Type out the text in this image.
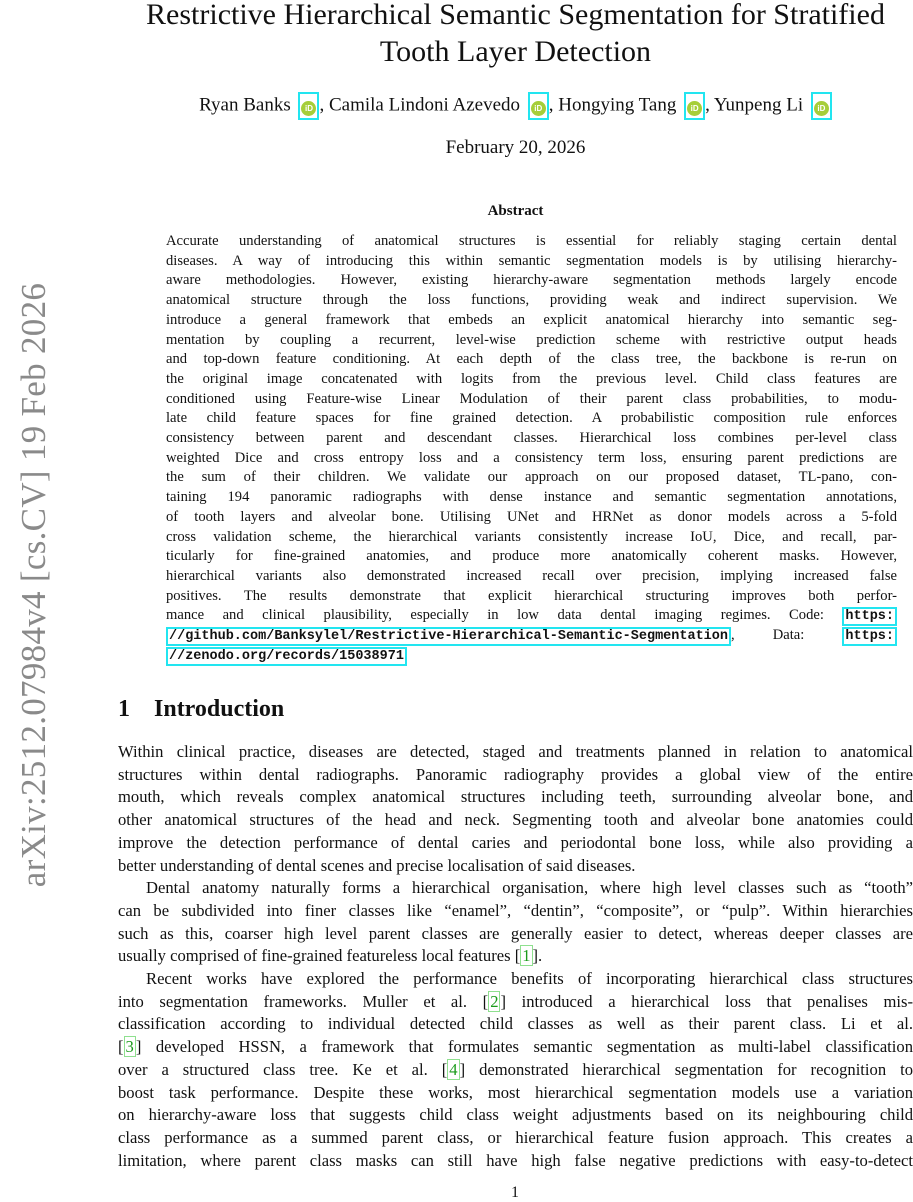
arXiv:2512.07984v4 [cs.CV] 19 Feb 2026
Restrictive Hierarchical Semantic Segmentation for Stratified
Tooth Layer Detection
Ryan Banks iD , Camila Lindoni Azevedo iD , Hongying Tang iD , Yunpeng Li iD
February 20, 2026
Abstract
Accurate understanding of anatomical structures is essential for reliably staging certain dental
diseases. A way of introducing this within semantic segmentation models is by utilising hierarchy-
aware methodologies. However, existing hierarchy-aware segmentation methods largely encode
anatomical structure through the loss functions, providing weak and indirect supervision. We
introduce a general framework that embeds an explicit anatomical hierarchy into semantic seg-
mentation by coupling a recurrent, level-wise prediction scheme with restrictive output heads
and top-down feature conditioning. At each depth of the class tree, the backbone is re-run on
the original image concatenated with logits from the previous level. Child class features are
conditioned using Feature-wise Linear Modulation of their parent class probabilities, to modu-
late child feature spaces for fine grained detection. A probabilistic composition rule enforces
consistency between parent and descendant classes. Hierarchical loss combines per-level class
weighted Dice and cross entropy loss and a consistency term loss, ensuring parent predictions are
the sum of their children. We validate our approach on our proposed dataset, TL-pano, con-
taining 194 panoramic radiographs with dense instance and semantic segmentation annotations,
of tooth layers and alveolar bone. Utilising UNet and HRNet as donor models across a 5-fold
cross validation scheme, the hierarchical variants consistently increase IoU, Dice, and recall, par-
ticularly for fine-grained anatomies, and produce more anatomically coherent masks. However,
hierarchical variants also demonstrated increased recall over precision, implying increased false
positives. The results demonstrate that explicit hierarchical structuring improves both perfor-
mance and clinical plausibility, especially in low data dental imaging regimes. Code: https:
//github.com/Banksylel/Restrictive-Hierarchical-Semantic-Segmentation , Data: https:
//zenodo.org/records/15038971
1 Introduction
Within clinical practice, diseases are detected, staged and treatments planned in relation to anatomical
structures within dental radiographs. Panoramic radiography provides a global view of the entire
mouth, which reveals complex anatomical structures including teeth, surrounding alveolar bone, and
other anatomical structures of the head and neck. Segmenting tooth and alveolar bone anatomies could
improve the detection performance of dental caries and periodontal bone loss, while also providing a
better understanding of dental scenes and precise localisation of said diseases.
Dental anatomy naturally forms a hierarchical organisation, where high level classes such as “tooth”
can be subdivided into finer classes like “enamel”, “dentin”, “composite”, or “pulp”. Within hierarchies
such as this, coarser high level parent classes are generally easier to detect, whereas deeper classes are
usually comprised of fine-grained featureless local features [ 1 ].
Recent works have explored the performance benefits of incorporating hierarchical class structures
into segmentation frameworks. Muller et al. [ 2 ] introduced a hierarchical loss that penalises mis-
classification according to individual detected child classes as well as their parent class. Li et al.
[ 3 ] developed HSSN, a framework that formulates semantic segmentation as multi-label classification
over a structured class tree. Ke et al. [ 4 ] demonstrated hierarchical segmentation for recognition to
boost task performance. Despite these works, most hierarchical segmentation models use a variation
on hierarchy-aware loss that suggests child class weight adjustments based on its neighbouring child
class performance as a summed parent class, or hierarchical feature fusion approach. This creates a
limitation, where parent class masks can still have high false negative predictions with easy-to-detect
1
